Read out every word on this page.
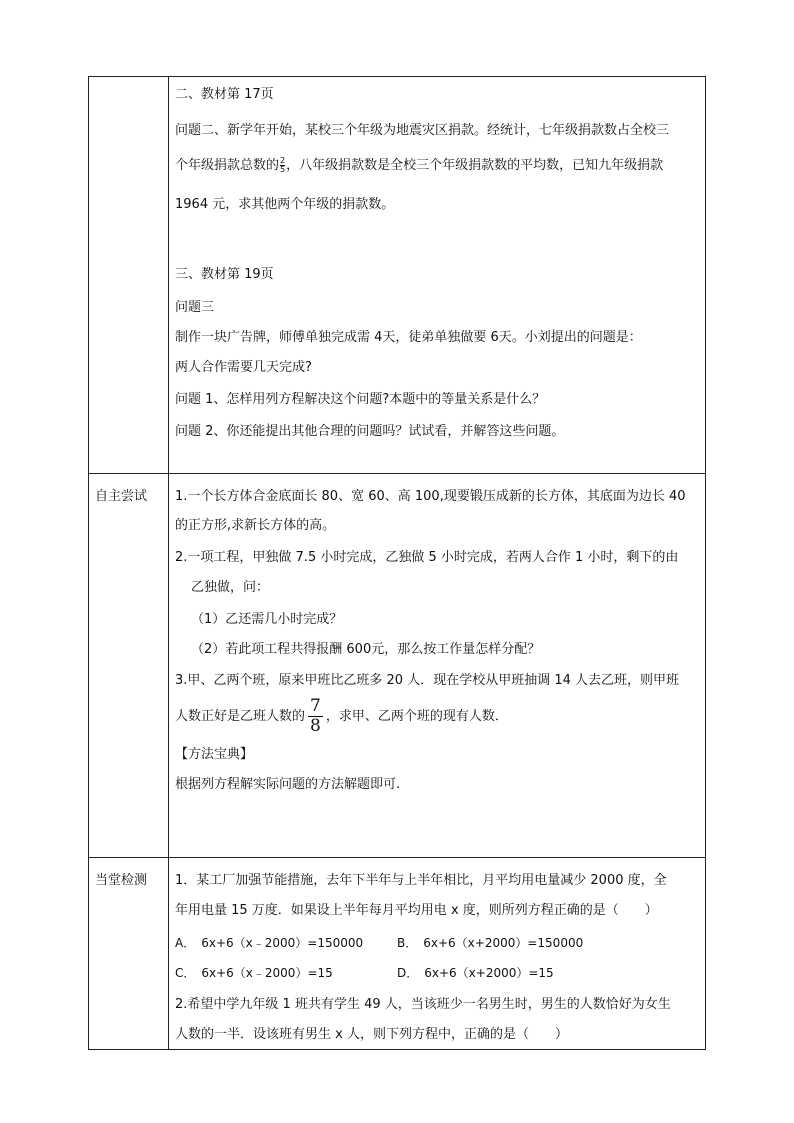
二、教材第 17页
问题二、新学年开始，某校三个年级为地震灾区捐款。经统计，七年级捐款数占全校三
个年级捐款总数的 $\frac{2}{5}$ ，八年级捐款数是全校三个年级捐款数的平均数，已知九年级捐款
1964 元，求其他两个年级的捐款数。
三、教材第 19页
问题三
制作一块广告牌，师傅单独完成需 4天，徒弟单独做要 6天。小刘提出的问题是：
两人合作需要几天完成?
问题 1、怎样用列方程解决这个问题?本题中的等量关系是什么？
问题 2、你还能提出其他合理的问题吗？试试看，并解答这些问题。
自主尝试 1.一个长方体合金底面长 80、宽 60、高 100,现要锻压成新的长方体，其底面为边长 40
的正方形,求新长方体的高。
2.一项工程，甲独做 7.5 小时完成，乙独做 5 小时完成，若两人合作 1 小时，剩下的由
乙独做，问：
（1）乙还需几小时完成？
（2）若此项工程共得报酬 600元，那么按工作量怎样分配？
3.甲、乙两个班，原来甲班比乙班多 20 人．现在学校从甲班抽调 14 人去乙班，则甲班
人数正好是乙班人数的 $\frac{7}{8}$ ，求甲、乙两个班的现有人数．
【方法宝典】
根据列方程解实际问题的方法解题即可.
当堂检测 1．某工厂加强节能措施，去年下半年与上半年相比，月平均用电量减少 2000 度，全
年用电量 15 万度．如果设上半年每月平均用电 x 度，则所列方程正确的是（　　）
A．　6x+6（x﹣2000）=150000	B．　6x+6（x+2000）=150000
C．　6x+6（x﹣2000）=15	D．　6x+6（x+2000）=15
2.希望中学九年级 1 班共有学生 49 人，当该班少一名男生时，男生的人数恰好为女生
人数的一半．设该班有男生 x 人，则下列方程中，正确的是（　　）
